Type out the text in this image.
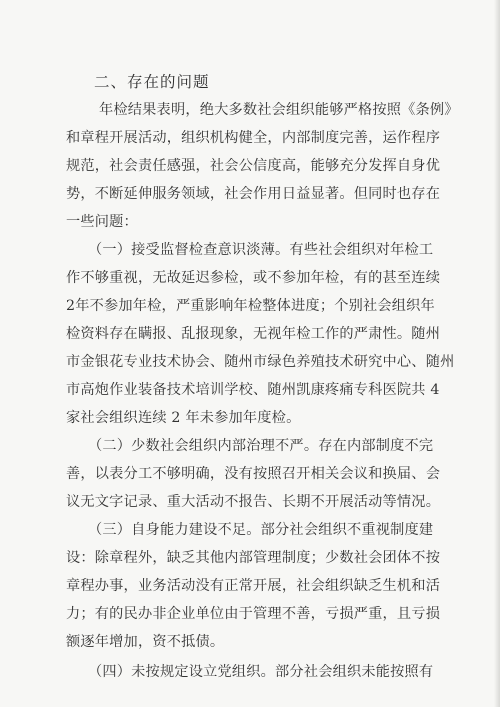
二、存在的问题
年检结果表明，绝大多数社会组织能够严格按照《条例》
和章程开展活动，组织机构健全，内部制度完善，运作程序
规范，社会责任感强，社会公信度高，能够充分发挥自身优
势，不断延伸服务领域，社会作用日益显著。但同时也存在
一些问题：
（一）接受监督检查意识淡薄。有些社会组织对年检工
作不够重视，无故延迟参检，或不参加年检，有的甚至连续
2年不参加年检，严重影响年检整体进度；个别社会组织年
检资料存在瞒报、乱报现象，无视年检工作的严肃性。随州
市金银花专业技术协会、随州市绿色养殖技术研究中心、随州
市高炮作业装备技术培训学校、随州凯康疼痛专科医院共 4
家社会组织连续 2 年未参加年度检。
（二）少数社会组织内部治理不严。存在内部制度不完
善，以表分工不够明确，没有按照召开相关会议和换届、会
议无文字记录、重大活动不报告、长期不开展活动等情况。
（三）自身能力建设不足。部分社会组织不重视制度建
设：除章程外，缺乏其他内部管理制度；少数社会团体不按
章程办事，业务活动没有正常开展，社会组织缺乏生机和活
力；有的民办非企业单位由于管理不善，亏损严重，且亏损
额逐年增加，资不抵债。
（四）未按规定设立党组织。部分社会组织未能按照有
